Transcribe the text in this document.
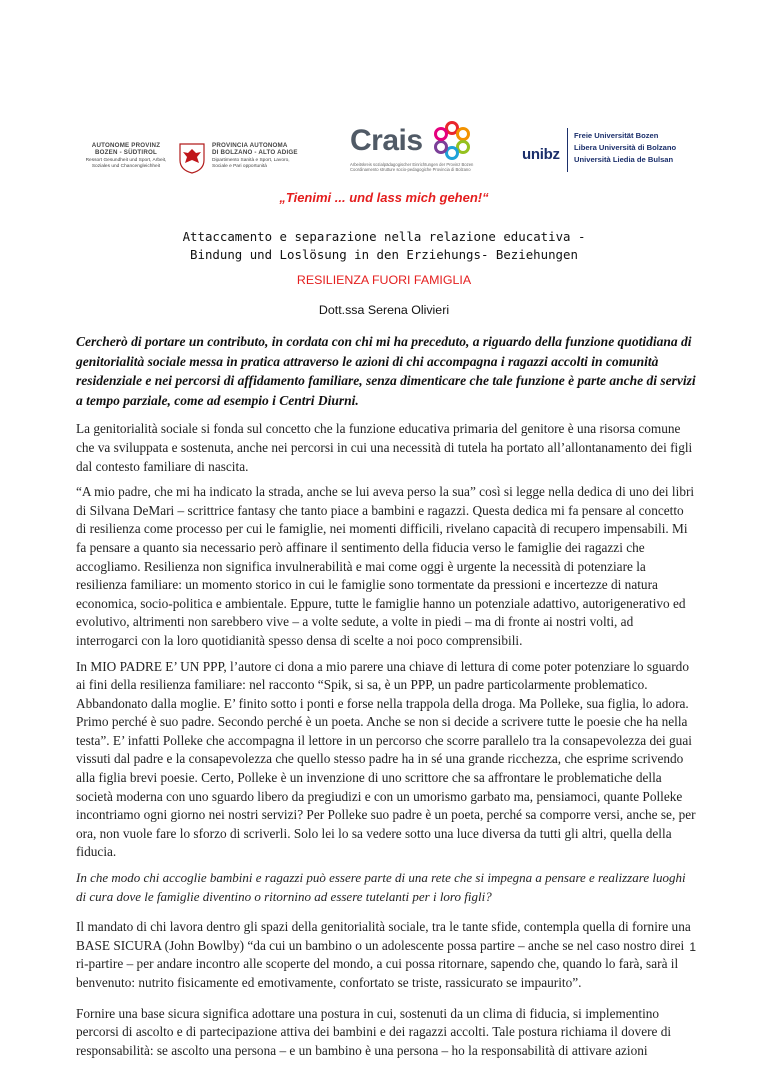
AUTONOME PROVINZ
BOZEN - SÜDTIROL
Ressort Gesundheit und Sport, Arbeit,
Soziales und Chancengleichheit
PROVINCIA AUTONOMA
DI BOLZANO - ALTO ADIGE
Dipartimento Sanità e Sport, Lavoro,
Sociale e Pari opportunità
Crais
Arbeitskreis sozialpädagogischer Einrichtungen der Provinz Bozen
Coordinamento strutture socio-pedagogiche Provincia di Bolzano
unibz
Freie Universität Bozen
Libera Università di Bolzano
Università Liedia de Bulsan
„Tienimi ... und lass mich gehen!“
Attaccamento e separazione nella relazione educativa -
Bindung und Loslösung in den Erziehungs- Beziehungen
RESILIENZA FUORI FAMIGLIA
Dott.ssa Serena Olivieri

Cercherò di portare un contributo, in cordata con chi mi ha preceduto, a riguardo della funzione quotidiana di genitorialità sociale messa in pratica attraverso le azioni di chi accompagna i ragazzi accolti in comunità residenziale e nei percorsi di affidamento familiare, senza dimenticare che tale funzione è parte anche di servizi a tempo parziale, come ad esempio i Centri Diurni.

La genitorialità sociale si fonda sul concetto che la funzione educativa primaria del genitore è una risorsa comune che va sviluppata e sostenuta, anche nei percorsi in cui una necessità di tutela ha portato all’allontanamento dei figli dal contesto familiare di nascita.

“A mio padre, che mi ha indicato la strada, anche se lui aveva perso la sua” così si legge nella dedica di uno dei libri di Silvana DeMari – scrittrice fantasy che tanto piace a bambini e ragazzi. Questa dedica mi fa pensare al concetto di resilienza come processo per cui le famiglie, nei momenti difficili, rivelano capacità di recupero impensabili. Mi fa pensare a quanto sia necessario però affinare il sentimento della fiducia verso le famiglie dei ragazzi che accogliamo. Resilienza non significa invulnerabilità e mai come oggi è urgente la necessità di potenziare la resilienza familiare: un momento storico in cui le famiglie sono tormentate da pressioni e incertezze di natura economica, socio-politica e ambientale. Eppure, tutte le famiglie hanno un potenziale adattivo, autorigenerativo ed evolutivo, altrimenti non sarebbero vive – a volte sedute, a volte in piedi – ma di fronte ai nostri volti, ad interrogarci con la loro quotidianità spesso densa di scelte a noi poco comprensibili.

In MIO PADRE E’ UN PPP, l’autore ci dona a mio parere una chiave di lettura di come poter potenziare lo sguardo ai fini della resilienza familiare: nel racconto “Spik, si sa, è un PPP, un padre particolarmente problematico. Abbandonato dalla moglie. E’ finito sotto i ponti e forse nella trappola della droga. Ma Polleke, sua figlia, lo adora. Primo perché è suo padre. Secondo perché è un poeta. Anche se non si decide a scrivere tutte le poesie che ha nella testa”. E’ infatti Polleke che accompagna il lettore in un percorso che scorre parallelo tra la consapevolezza dei guai vissuti dal padre e la consapevolezza che quello stesso padre ha in sé una grande ricchezza, che esprime scrivendo alla figlia brevi poesie. Certo, Polleke è un invenzione di uno scrittore che sa affrontare le problematiche della società moderna con uno sguardo libero da pregiudizi e con un umorismo garbato ma, pensiamoci, quante Polleke incontriamo ogni giorno nei nostri servizi? Per Polleke suo padre è un poeta, perché sa comporre versi, anche se, per ora, non vuole fare lo sforzo di scriverli. Solo lei lo sa vedere sotto una luce diversa da tutti gli altri, quella della fiducia.

In che modo chi accoglie bambini e ragazzi può essere parte di una rete che si impegna a pensare e realizzare luoghi di cura dove le famiglie diventino o ritornino ad essere tutelanti per i loro figli?

Il mandato di chi lavora dentro gli spazi della genitorialità sociale, tra le tante sfide, contempla quella di fornire una BASE SICURA (John Bowlby) “da cui un bambino o un adolescente possa partire – anche se nel caso nostro direi ri-partire – per andare incontro alle scoperte del mondo, a cui possa ritornare, sapendo che, quando lo farà, sarà il benvenuto: nutrito fisicamente ed emotivamente, confortato se triste, rassicurato se impaurito”.

Fornire una base sicura significa adottare una postura in cui, sostenuti da un clima di fiducia, si implementino percorsi di ascolto e di partecipazione attiva dei bambini e dei ragazzi accolti. Tale postura richiama il dovere di responsabilità: se ascolto una persona – e un bambino è una persona – ho la responsabilità di attivare azioni

1
